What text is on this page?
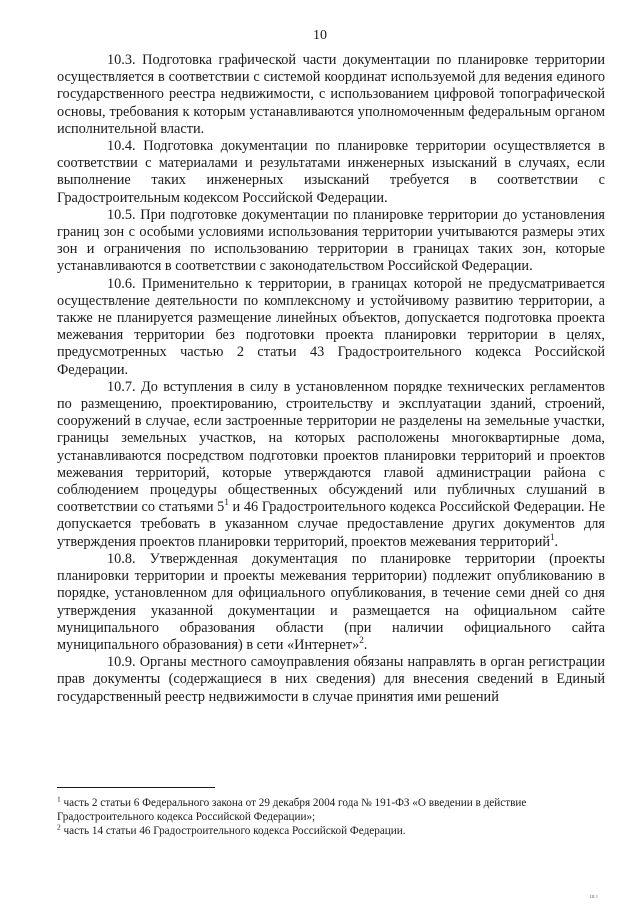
10

10.3. Подготовка графической части документации по планировке территории осуществляется в соответствии с системой координат используемой для ведения единого государственного реестра недвижимости, с использованием цифровой топографической основы, требования к которым устанавливаются уполномоченным федеральным органом исполнительной власти.

10.4. Подготовка документации по планировке территории осуществляется в соответствии с материалами и результатами инженерных изысканий в случаях, если выполнение таких инженерных изысканий требуется в соответствии с Градостроительным кодексом Российской Федерации.

10.5. При подготовке документации по планировке территории до установления границ зон с особыми условиями использования территории учитываются размеры этих зон и ограничения по использованию территории в границах таких зон, которые устанавливаются в соответствии с законодательством Российской Федерации.

10.6. Применительно к территории, в границах которой не предусматривается осуществление деятельности по комплексному и устойчивому развитию территории, а также не планируется размещение линейных объектов, допускается подготовка проекта межевания территории без подготовки проекта планировки территории в целях, предусмотренных частью 2 статьи 43 Градостроительного кодекса Российской Федерации.

10.7. До вступления в силу в установленном порядке технических регламентов по размещению, проектированию, строительству и эксплуатации зданий, строений, сооружений в случае, если застроенные территории не разделены на земельные участки, границы земельных участков, на которых расположены многоквартирные дома, устанавливаются посредством подготовки проектов планировки территорий и проектов межевания территорий, которые утверждаются главой администрации района с соблюдением процедуры общественных обсуждений или публичных слушаний в соответствии со статьями $5^1$ и 46 Градостроительного кодекса Российской Федерации. Не допускается требовать в указанном случае предоставление других документов для утверждения проектов планировки территорий, проектов межевания территорий$^1$.

10.8. Утвержденная документация по планировке территории (проекты планировки территории и проекты межевания территории) подлежит опубликованию в порядке, установленном для официального опубликования, в течение семи дней со дня утверждения указанной документации и размещается на официальном сайте муниципального образования области (при наличии официального сайта муниципального образования) в сети «Интернет»$^2$.

10.9. Органы местного самоуправления обязаны направлять в орган регистрации прав документы (содержащиеся в них сведения) для внесения сведений в Единый государственный реестр недвижимости в случае принятия ими решений

$^1$ часть 2 статьи 6 Федерального закона от 29 декабря 2004 года № 191-ФЗ «О введении в действие Градостроительного кодекса Российской Федерации»;

$^2$ часть 14 статьи 46 Градостроительного кодекса Российской Федерации.

ш ı
